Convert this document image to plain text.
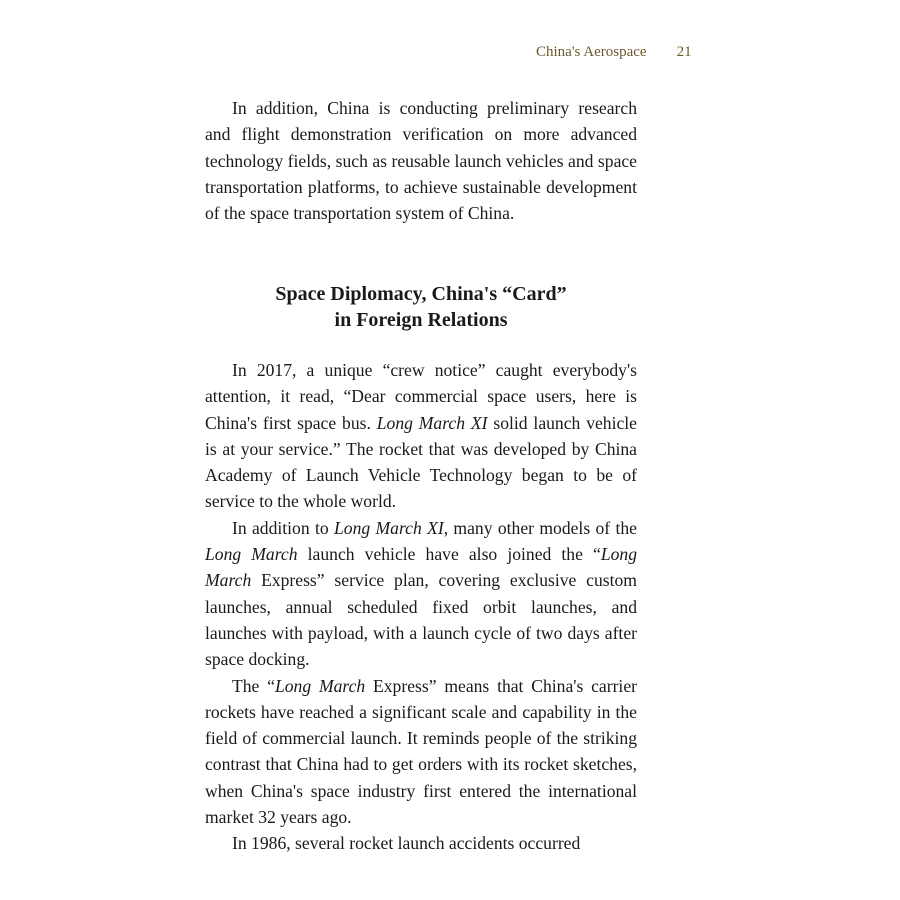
China's Aerospace 21

In addition, China is conducting preliminary research and flight demonstration verification on more advanced technology fields, such as reusable launch vehicles and space transportation platforms, to achieve sustainable development of the space transportation system of China.

Space Diplomacy, China's “Card”
in Foreign Relations

In 2017, a unique “crew notice” caught everybody's attention, it read, “Dear commercial space users, here is China's first space bus. Long March XI solid launch vehicle is at your service.” The rocket that was developed by China Academy of Launch Vehicle Technology began to be of service to the whole world.

In addition to Long March XI, many other models of the Long March launch vehicle have also joined the “Long March Express” service plan, covering exclusive custom launches, annual scheduled fixed orbit launches, and launches with payload, with a launch cycle of two days after space docking.

The “Long March Express” means that China's carrier rockets have reached a significant scale and capability in the field of commercial launch. It reminds people of the striking contrast that China had to get orders with its rocket sketches, when China's space industry first entered the international market 32 years ago.

In 1986, several rocket launch accidents occurred
